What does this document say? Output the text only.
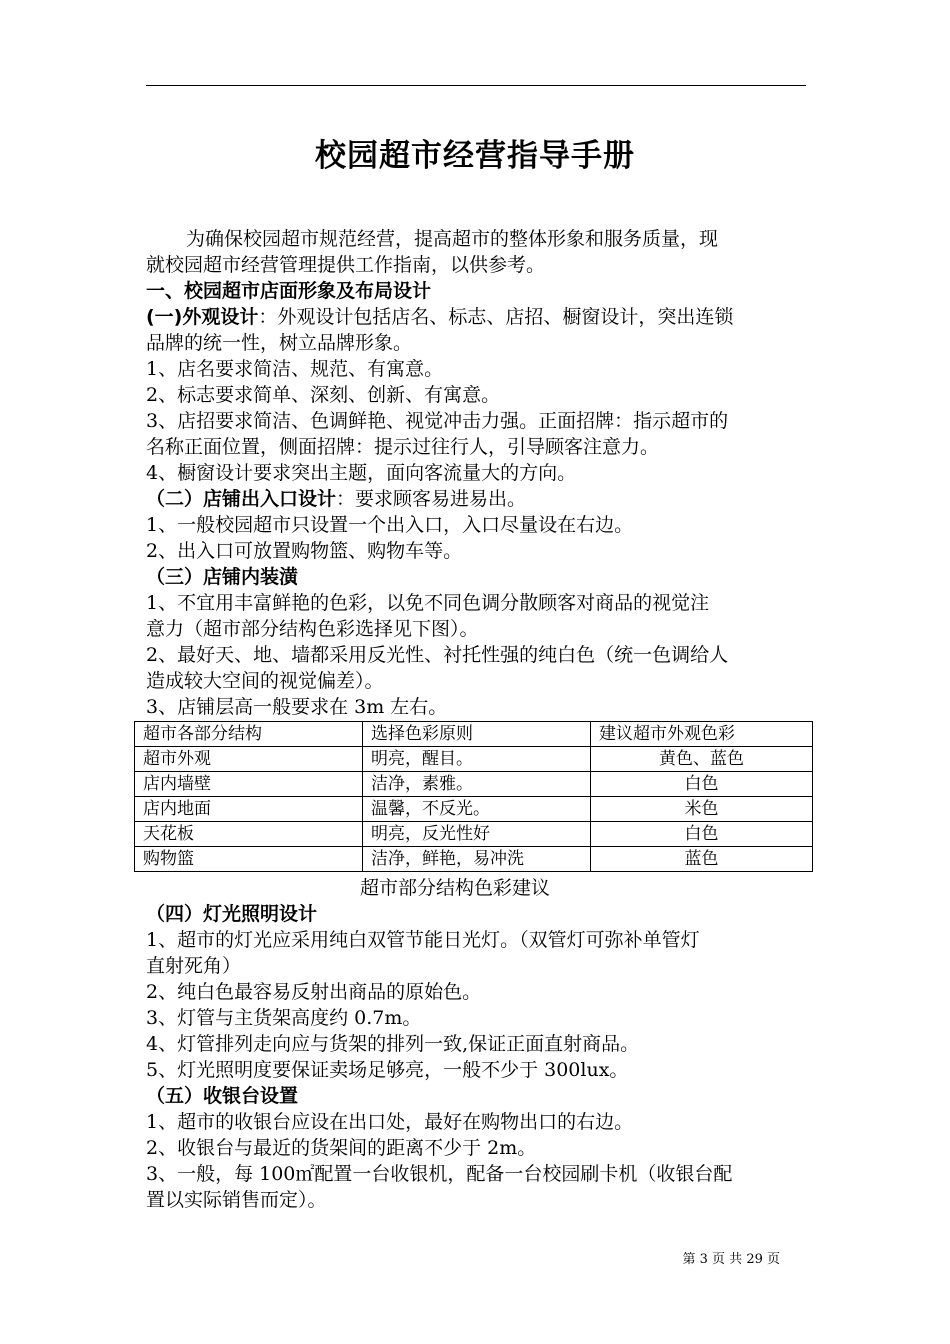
校园超市经营指导手册
为确保校园超市规范经营，提高超市的整体形象和服务质量，现
就校园超市经营管理提供工作指南，以供参考。
一、校园超市店面形象及布局设计
(一)外观设计：外观设计包括店名、标志、店招、橱窗设计，突出连锁
品牌的统一性，树立品牌形象。
1、店名要求简洁、规范、有寓意。
2、标志要求简单、深刻、创新、有寓意。
3、店招要求简洁、色调鲜艳、视觉冲击力强。正面招牌：指示超市的
名称正面位置，侧面招牌：提示过往行人，引导顾客注意力。
4、橱窗设计要求突出主题，面向客流量大的方向。
（二）店铺出入口设计：要求顾客易进易出。
1、一般校园超市只设置一个出入口，入口尽量设在右边。
2、出入口可放置购物篮、购物车等。
（三）店铺内装潢
1、不宜用丰富鲜艳的色彩，以免不同色调分散顾客对商品的视觉注
意力（超市部分结构色彩选择见下图）。
2、最好天、地、墙都采用反光性、衬托性强的纯白色（统一色调给人
造成较大空间的视觉偏差）。
3、店铺层高一般要求在 3m 左右。
超市各部分结构	选择色彩原则	建议超市外观色彩
超市外观	明亮，醒目。	黄色、蓝色
店内墙壁	洁净，素雅。	白色
店内地面	温馨，不反光。	米色
天花板	明亮，反光性好	白色
购物篮	洁净，鲜艳，易冲洗	蓝色
超市部分结构色彩建议
（四）灯光照明设计
1、超市的灯光应采用纯白双管节能日光灯。（双管灯可弥补单管灯
直射死角）
2、纯白色最容易反射出商品的原始色。
3、灯管与主货架高度约 0.7m。
4、灯管排列走向应与货架的排列一致,保证正面直射商品。
5、灯光照明度要保证卖场足够亮，一般不少于 300lux。
（五）收银台设置
1、超市的收银台应设在出口处，最好在购物出口的右边。
2、收银台与最近的货架间的距离不少于 2m。
3、一般，每 100㎡配置一台收银机，配备一台校园刷卡机（收银台配
置以实际销售而定）。
第 3 页 共 29 页
